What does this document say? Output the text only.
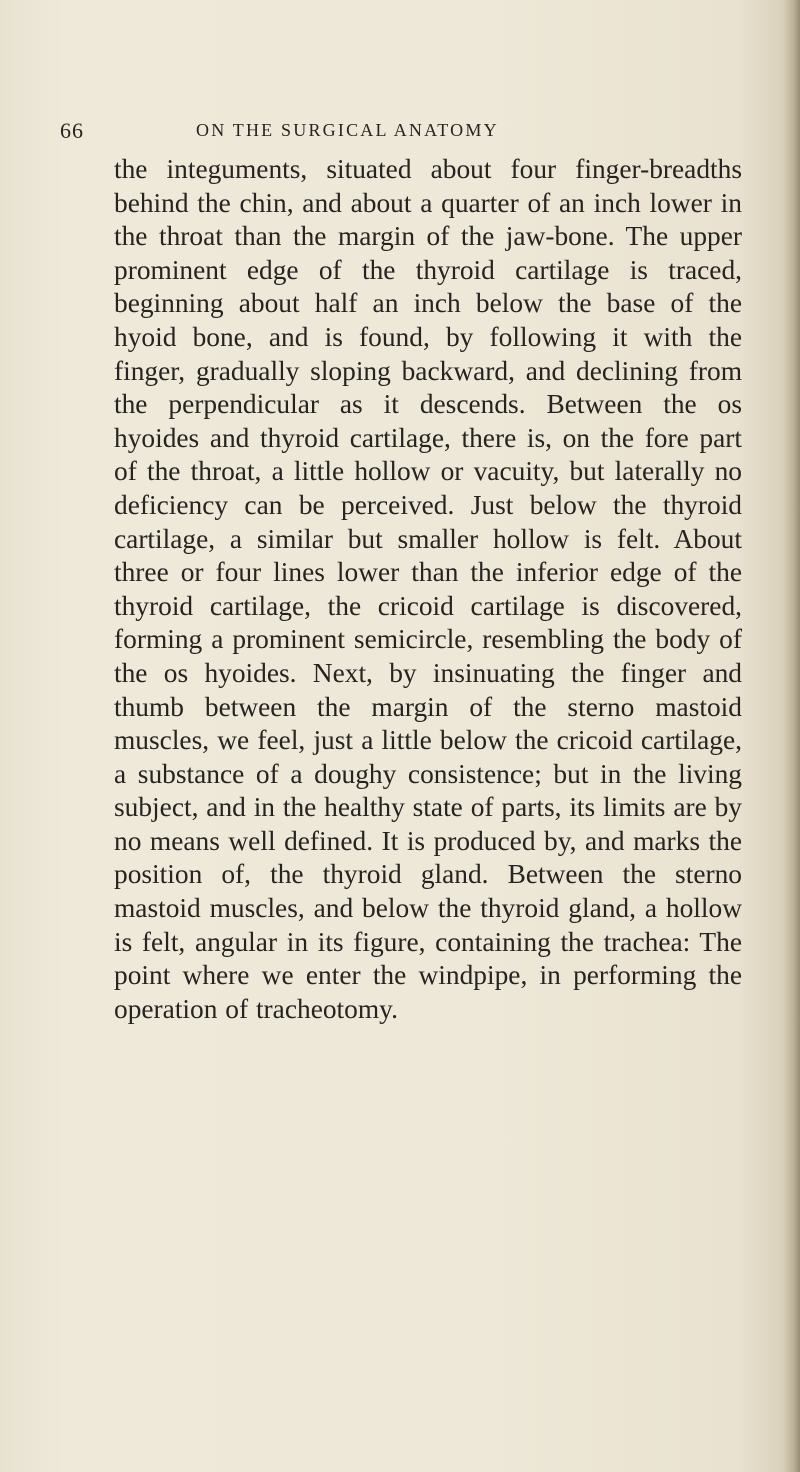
66	ON THE SURGICAL ANATOMY

the integuments, situated about four finger-breadths behind the chin, and about a quarter of an inch lower in the throat than the margin of the jaw-bone. The upper prominent edge of the thyroid cartilage is traced, beginning about half an inch below the base of the hyoid bone, and is found, by following it with the finger, gradually sloping backward, and declining from the perpendicular as it descends. Between the os hyoides and thyroid cartilage, there is, on the fore part of the throat, a little hollow or vacuity, but laterally no deficiency can be perceived. Just below the thyroid cartilage, a similar but smaller hollow is felt. About three or four lines lower than the inferior edge of the thyroid cartilage, the cricoid cartilage is discovered, forming a prominent semicircle, resembling the body of the os hyoides. Next, by insinuating the finger and thumb between the margin of the sterno mastoid muscles, we feel, just a little below the cricoid cartilage, a substance of a doughy consistence; but in the living subject, and in the healthy state of parts, its limits are by no means well defined. It is produced by, and marks the position of, the thyroid gland. Between the sterno mastoid muscles, and below the thyroid gland, a hollow is felt, angular in its figure, containing the trachea: The point where we enter the windpipe, in performing the operation of tracheotomy.
